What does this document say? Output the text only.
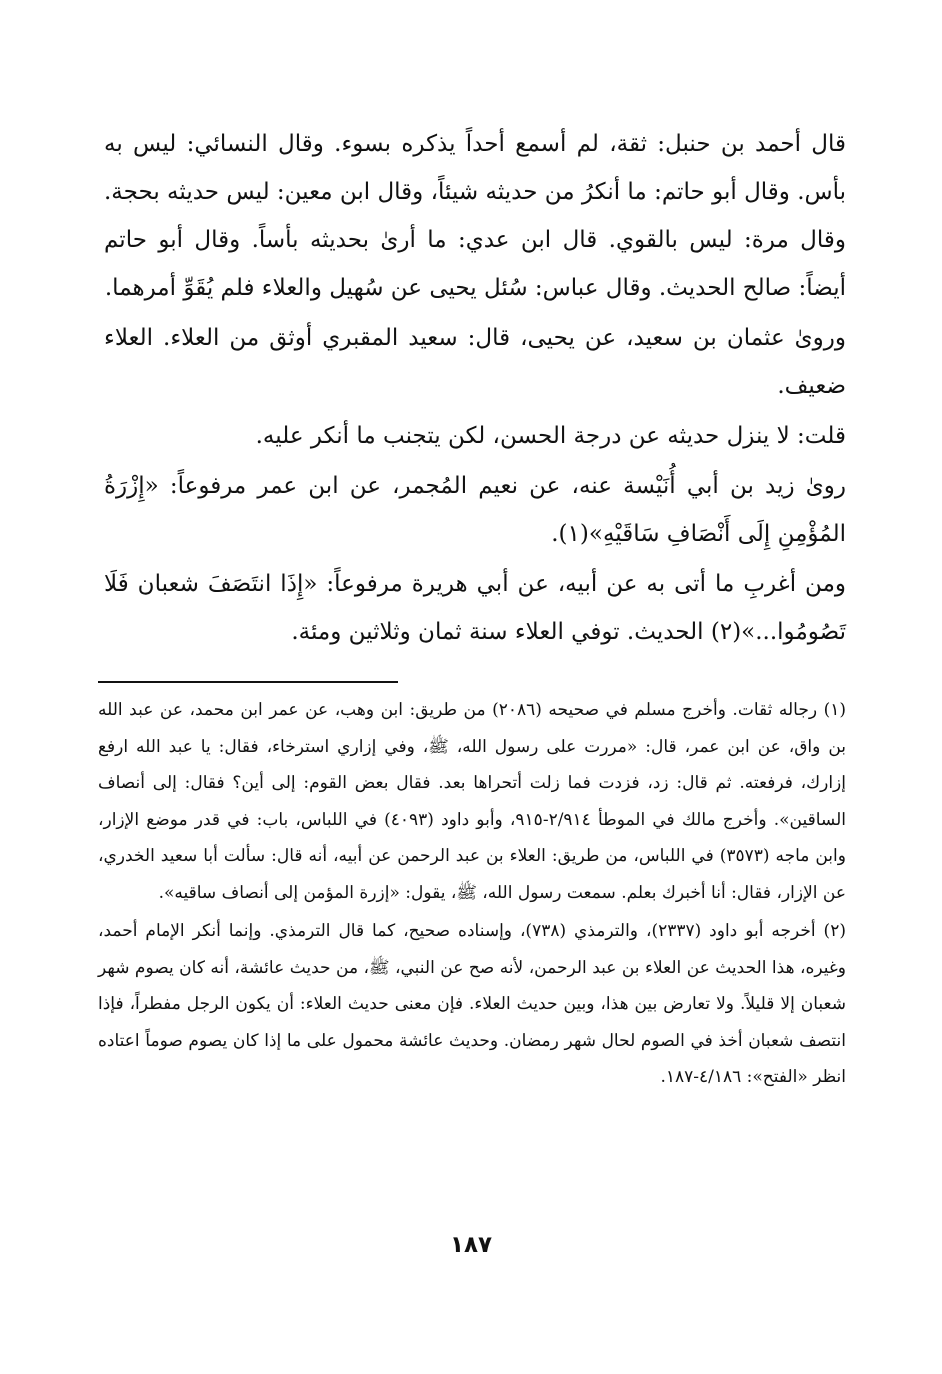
قال أحمد بن حنبل: ثقة، لم أسمع أحداً يذكره بسوء. وقال النسائي: ليس به بأس. وقال أبو حاتم: ما أنكرُ من حديثه شيئاً، وقال ابن معين: ليس حديثه بحجة. وقال مرة: ليس بالقوي. قال ابن عدي: ما أرىٰ بحديثه بأساً. وقال أبو حاتم أيضاً: صالح الحديث. وقال عباس: سُئل يحيى عن سُهيل والعلاء فلم يُقَوِّ أمرهما.

وروىٰ عثمان بن سعيد، عن يحيى، قال: سعيد المقبري أوثق من العلاء. العلاء ضعيف.

قلت: لا ينزل حديثه عن درجة الحسن، لكن يتجنب ما أنكر عليه.

روىٰ زيد بن أبي أُنَيْسة عنه، عن نعيم المُجمر، عن ابن عمر مرفوعاً: «إِزْرَةُ المُؤْمِنِ إِلَى أَنْصَافِ سَاقَيْهِ»(١).

ومن أغربِ ما أتى به عن أبيه، عن أبي هريرة مرفوعاً: «إِذَا انتَصَفَ شعبان فَلَا تَصُومُوا...»(٢) الحديث. توفي العلاء سنة ثمان وثلاثين ومئة.

(١) رجاله ثقات. وأخرج مسلم في صحيحه (٢٠٨٦) من طريق: ابن وهب، عن عمر ابن محمد، عن عبد الله بن واق، عن ابن عمر، قال: «مررت على رسول الله، ﷺ، وفي إزاري استرخاء، فقال: يا عبد الله ارفع إزارك، فرفعته. ثم قال: زد، فزدت فما زلت أتحراها بعد. فقال بعض القوم: إلى أين؟ فقال: إلى أنصاف الساقين». وأخرج مالك في الموطأ ٢/٩١٤-٩١٥، وأبو داود (٤٠٩٣) في اللباس، باب: في قدر موضع الإزار، وابن ماجه (٣٥٧٣) في اللباس، من طريق: العلاء بن عبد الرحمن عن أبيه، أنه قال: سألت أبا سعيد الخدري، عن الإزار، فقال: أنا أخبرك بعلم. سمعت رسول الله، ﷺ، يقول: «إزرة المؤمن إلى أنصاف ساقيه».

(٢) أخرجه أبو داود (٢٣٣٧)، والترمذي (٧٣٨)، وإسناده صحيح، كما قال الترمذي. وإنما أنكر الإمام أحمد، وغيره، هذا الحديث عن العلاء بن عبد الرحمن، لأنه صح عن النبي، ﷺ، من حديث عائشة، أنه كان يصوم شهر شعبان إلا قليلاً. ولا تعارض بين هذا، وبين حديث العلاء. فإن معنى حديث العلاء: أن يكون الرجل مفطراً، فإذا انتصف شعبان أخذ في الصوم لحال شهر رمضان. وحديث عائشة محمول على ما إذا كان يصوم صوماً اعتاده انظر «الفتح»: ٤/١٨٦-١٨٧.

١٨٧
